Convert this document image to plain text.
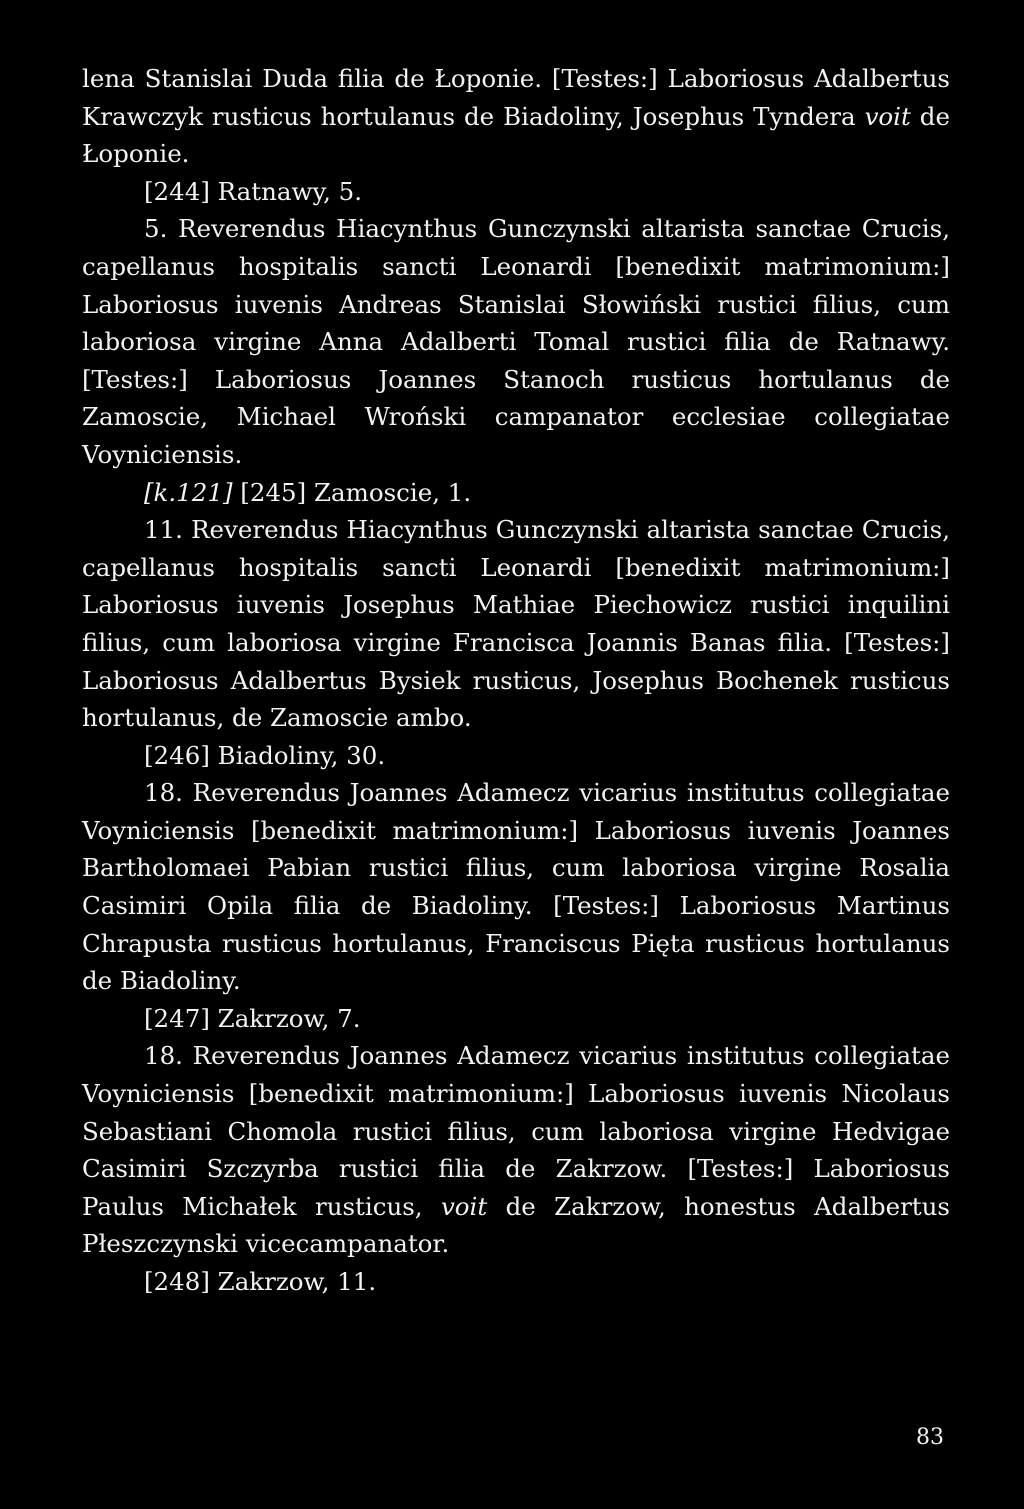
lena Stanislai Duda filia de Łoponie. [Testes:] Laboriosus Adalbertus Krawczyk rusticus hortulanus de Biadoliny, Josephus Tyndera voit de Łoponie.

[244] Ratnawy, 5.

5. Reverendus Hiacynthus Gunczynski altarista sanctae Crucis, capellanus hospitalis sancti Leonardi [benedixit matrimonium:] Laboriosus iuvenis Andreas Stanislai Słowiński rustici filius, cum laboriosa virgine Anna Adalberti Tomal rustici filia de Ratnawy. [Testes:] Laboriosus Joannes Stanoch rusticus hortulanus de Zamoscie, Michael Wroński campanator ecclesiae collegiatae Voyniciensis.

[k.121] [245] Zamoscie, 1.

11. Reverendus Hiacynthus Gunczynski altarista sanctae Crucis, capellanus hospitalis sancti Leonardi [benedixit matrimonium:] Laboriosus iuvenis Josephus Mathiae Piechowicz rustici inquilini filius, cum laboriosa virgine Francisca Joannis Banas filia. [Testes:] Laboriosus Adalbertus Bysiek rusticus, Josephus Bochenek rusticus hortulanus, de Zamoscie ambo.

[246] Biadoliny, 30.

18. Reverendus Joannes Adamecz vicarius institutus collegiatae Voyniciensis [benedixit matrimonium:] Laboriosus iuvenis Joannes Bartholomaei Pabian rustici filius, cum laboriosa virgine Rosalia Casimiri Opila filia de Biadoliny. [Testes:] Laboriosus Martinus Chrapusta rusticus hortulanus, Franciscus Pięta rusticus hortulanus de Biadoliny.

[247] Zakrzow, 7.

18. Reverendus Joannes Adamecz vicarius institutus collegiatae Voyniciensis [benedixit matrimonium:] Laboriosus iuvenis Nicolaus Sebastiani Chomola rustici filius, cum laboriosa virgine Hedvigae Casimiri Szczyrba rustici filia de Zakrzow. [Testes:] Laboriosus Paulus Michałek rusticus, voit de Zakrzow, honestus Adalbertus Płeszczynski vicecampanator.

[248] Zakrzow, 11.

83
